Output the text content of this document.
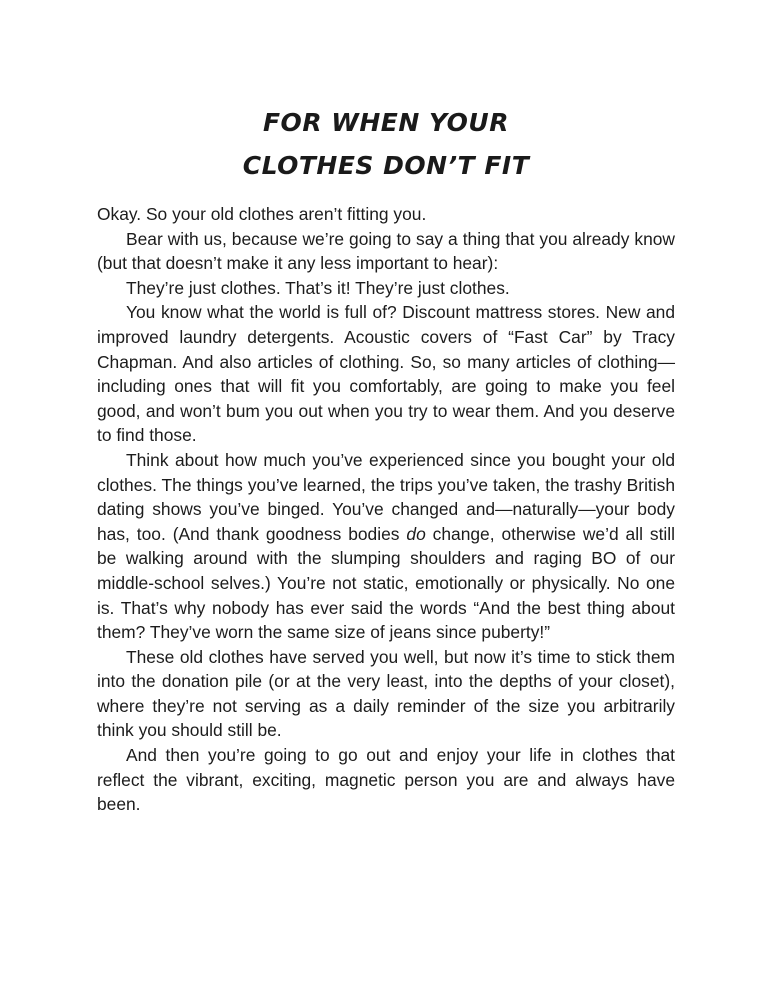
FOR WHEN YOUR
CLOTHES DON’T FIT

Okay. So your old clothes aren’t fitting you.

Bear with us, because we’re going to say a thing that you already know (but that doesn’t make it any less important to hear):

They’re just clothes. That’s it! They’re just clothes.

You know what the world is full of? Discount mattress stores. New and improved laundry detergents. Acoustic covers of “Fast Car” by Tracy Chapman. And also articles of clothing. So, so many articles of clothing—including ones that will fit you comfortably, are going to make you feel good, and won’t bum you out when you try to wear them. And you deserve to find those.

Think about how much you’ve experienced since you bought your old clothes. The things you’ve learned, the trips you’ve taken, the trashy British dating shows you’ve binged. You’ve changed and—naturally—your body has, too. (And thank goodness bodies do change, otherwise we’d all still be walking around with the slumping shoulders and raging BO of our middle-school selves.) You’re not static, emotionally or physically. No one is. That’s why nobody has ever said the words “And the best thing about them? They’ve worn the same size of jeans since puberty!”

These old clothes have served you well, but now it’s time to stick them into the donation pile (or at the very least, into the depths of your closet), where they’re not serving as a daily reminder of the size you arbitrarily think you should still be.

And then you’re going to go out and enjoy your life in clothes that reflect the vibrant, exciting, magnetic person you are and always have been.
